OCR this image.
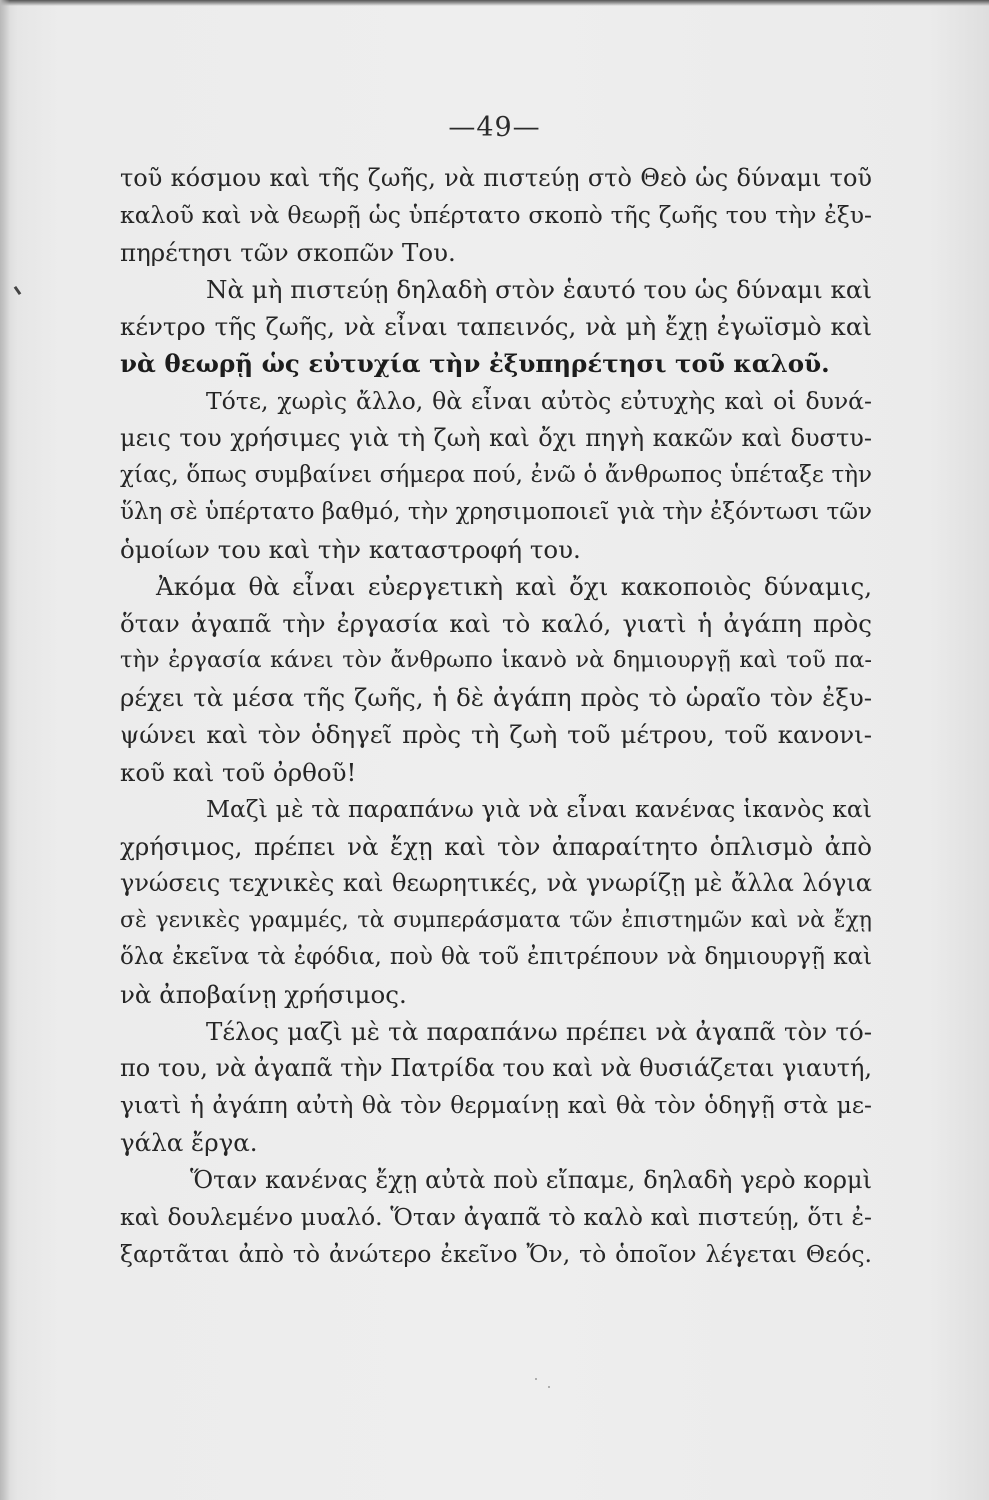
—49—
τοῦ κόσμου καὶ τῆς ζωῆς, νὰ πιστεύῃ στὸ Θεὸ ὡς δύναμι τοῦ
καλοῦ καὶ νὰ θεωρῇ ὡς ὑπέρτατο σκοπὸ τῆς ζωῆς του τὴν ἐξυ-
πηρέτησι τῶν σκοπῶν Του.
Νὰ μὴ πιστεύῃ δηλαδὴ στὸν ἑαυτό του ὡς δύναμι καὶ
κέντρο τῆς ζωῆς, νὰ εἶναι ταπεινός, νὰ μὴ ἔχῃ ἐγωϊσμὸ καὶ
νὰ θεωρῇ ὡς εὐτυχία τὴν ἐξυπηρέτησι τοῦ καλοῦ.
Τότε, χωρὶς ἄλλο, θὰ εἶναι αὐτὸς εὐτυχὴς καὶ οἱ δυνά-
μεις του χρήσιμες γιὰ τὴ ζωὴ καὶ ὄχι πηγὴ κακῶν καὶ δυστυ-
χίας, ὅπως συμβαίνει σήμερα πού, ἐνῶ ὁ ἄνθρωπος ὑπέταξε τὴν
ὕλη σὲ ὑπέρτατο βαθμό, τὴν χρησιμοποιεῖ γιὰ τὴν ἐξόντωσι τῶν
ὁμοίων του καὶ τὴν καταστροφή του.
Ἀκόμα θὰ εἶναι εὐεργετικὴ καὶ ὄχι κακοποιὸς δύναμις,
ὅταν ἀγαπᾶ τὴν ἐργασία καὶ τὸ καλό, γιατὶ ἡ ἀγάπη πρὸς
τὴν ἐργασία κάνει τὸν ἄνθρωπο ἱκανὸ νὰ δημιουργῇ καὶ τοῦ πα-
ρέχει τὰ μέσα τῆς ζωῆς, ἡ δὲ ἀγάπη πρὸς τὸ ὡραῖο τὸν ἐξυ-
ψώνει καὶ τὸν ὁδηγεῖ πρὸς τὴ ζωὴ τοῦ μέτρου, τοῦ κανονι-
κοῦ καὶ τοῦ ὀρθοῦ!
Μαζὶ μὲ τὰ παραπάνω γιὰ νὰ εἶναι κανένας ἱκανὸς καὶ
χρήσιμος, πρέπει νὰ ἔχῃ καὶ τὸν ἀπαραίτητο ὁπλισμὸ ἀπὸ
γνώσεις τεχνικὲς καὶ θεωρητικές, νὰ γνωρίζῃ μὲ ἄλλα λόγια
σὲ γενικὲς γραμμές, τὰ συμπεράσματα τῶν ἐπιστημῶν καὶ νὰ ἔχῃ
ὅλα ἐκεῖνα τὰ ἐφόδια, ποὺ θὰ τοῦ ἐπιτρέπουν νὰ δημιουργῇ καὶ
νὰ ἀποβαίνῃ χρήσιμος.
Τέλος μαζὶ μὲ τὰ παραπάνω πρέπει νὰ ἀγαπᾶ τὸν τό-
πο του, νὰ ἀγαπᾶ τὴν Πατρίδα του καὶ νὰ θυσιάζεται γιαυτή,
γιατὶ ἡ ἀγάπη αὐτὴ θὰ τὸν θερμαίνῃ καὶ θὰ τὸν ὁδηγῇ στὰ με-
γάλα ἔργα.
Ὅταν κανένας ἔχῃ αὐτὰ ποὺ εἴπαμε, δηλαδὴ γερὸ κορμὶ
καὶ δουλεμένο μυαλό. Ὅταν ἀγαπᾶ τὸ καλὸ καὶ πιστεύῃ, ὅτι ἐ-
ξαρτᾶται ἀπὸ τὸ ἀνώτερο ἐκεῖνο Ὄν, τὸ ὁποῖον λέγεται Θεός.
